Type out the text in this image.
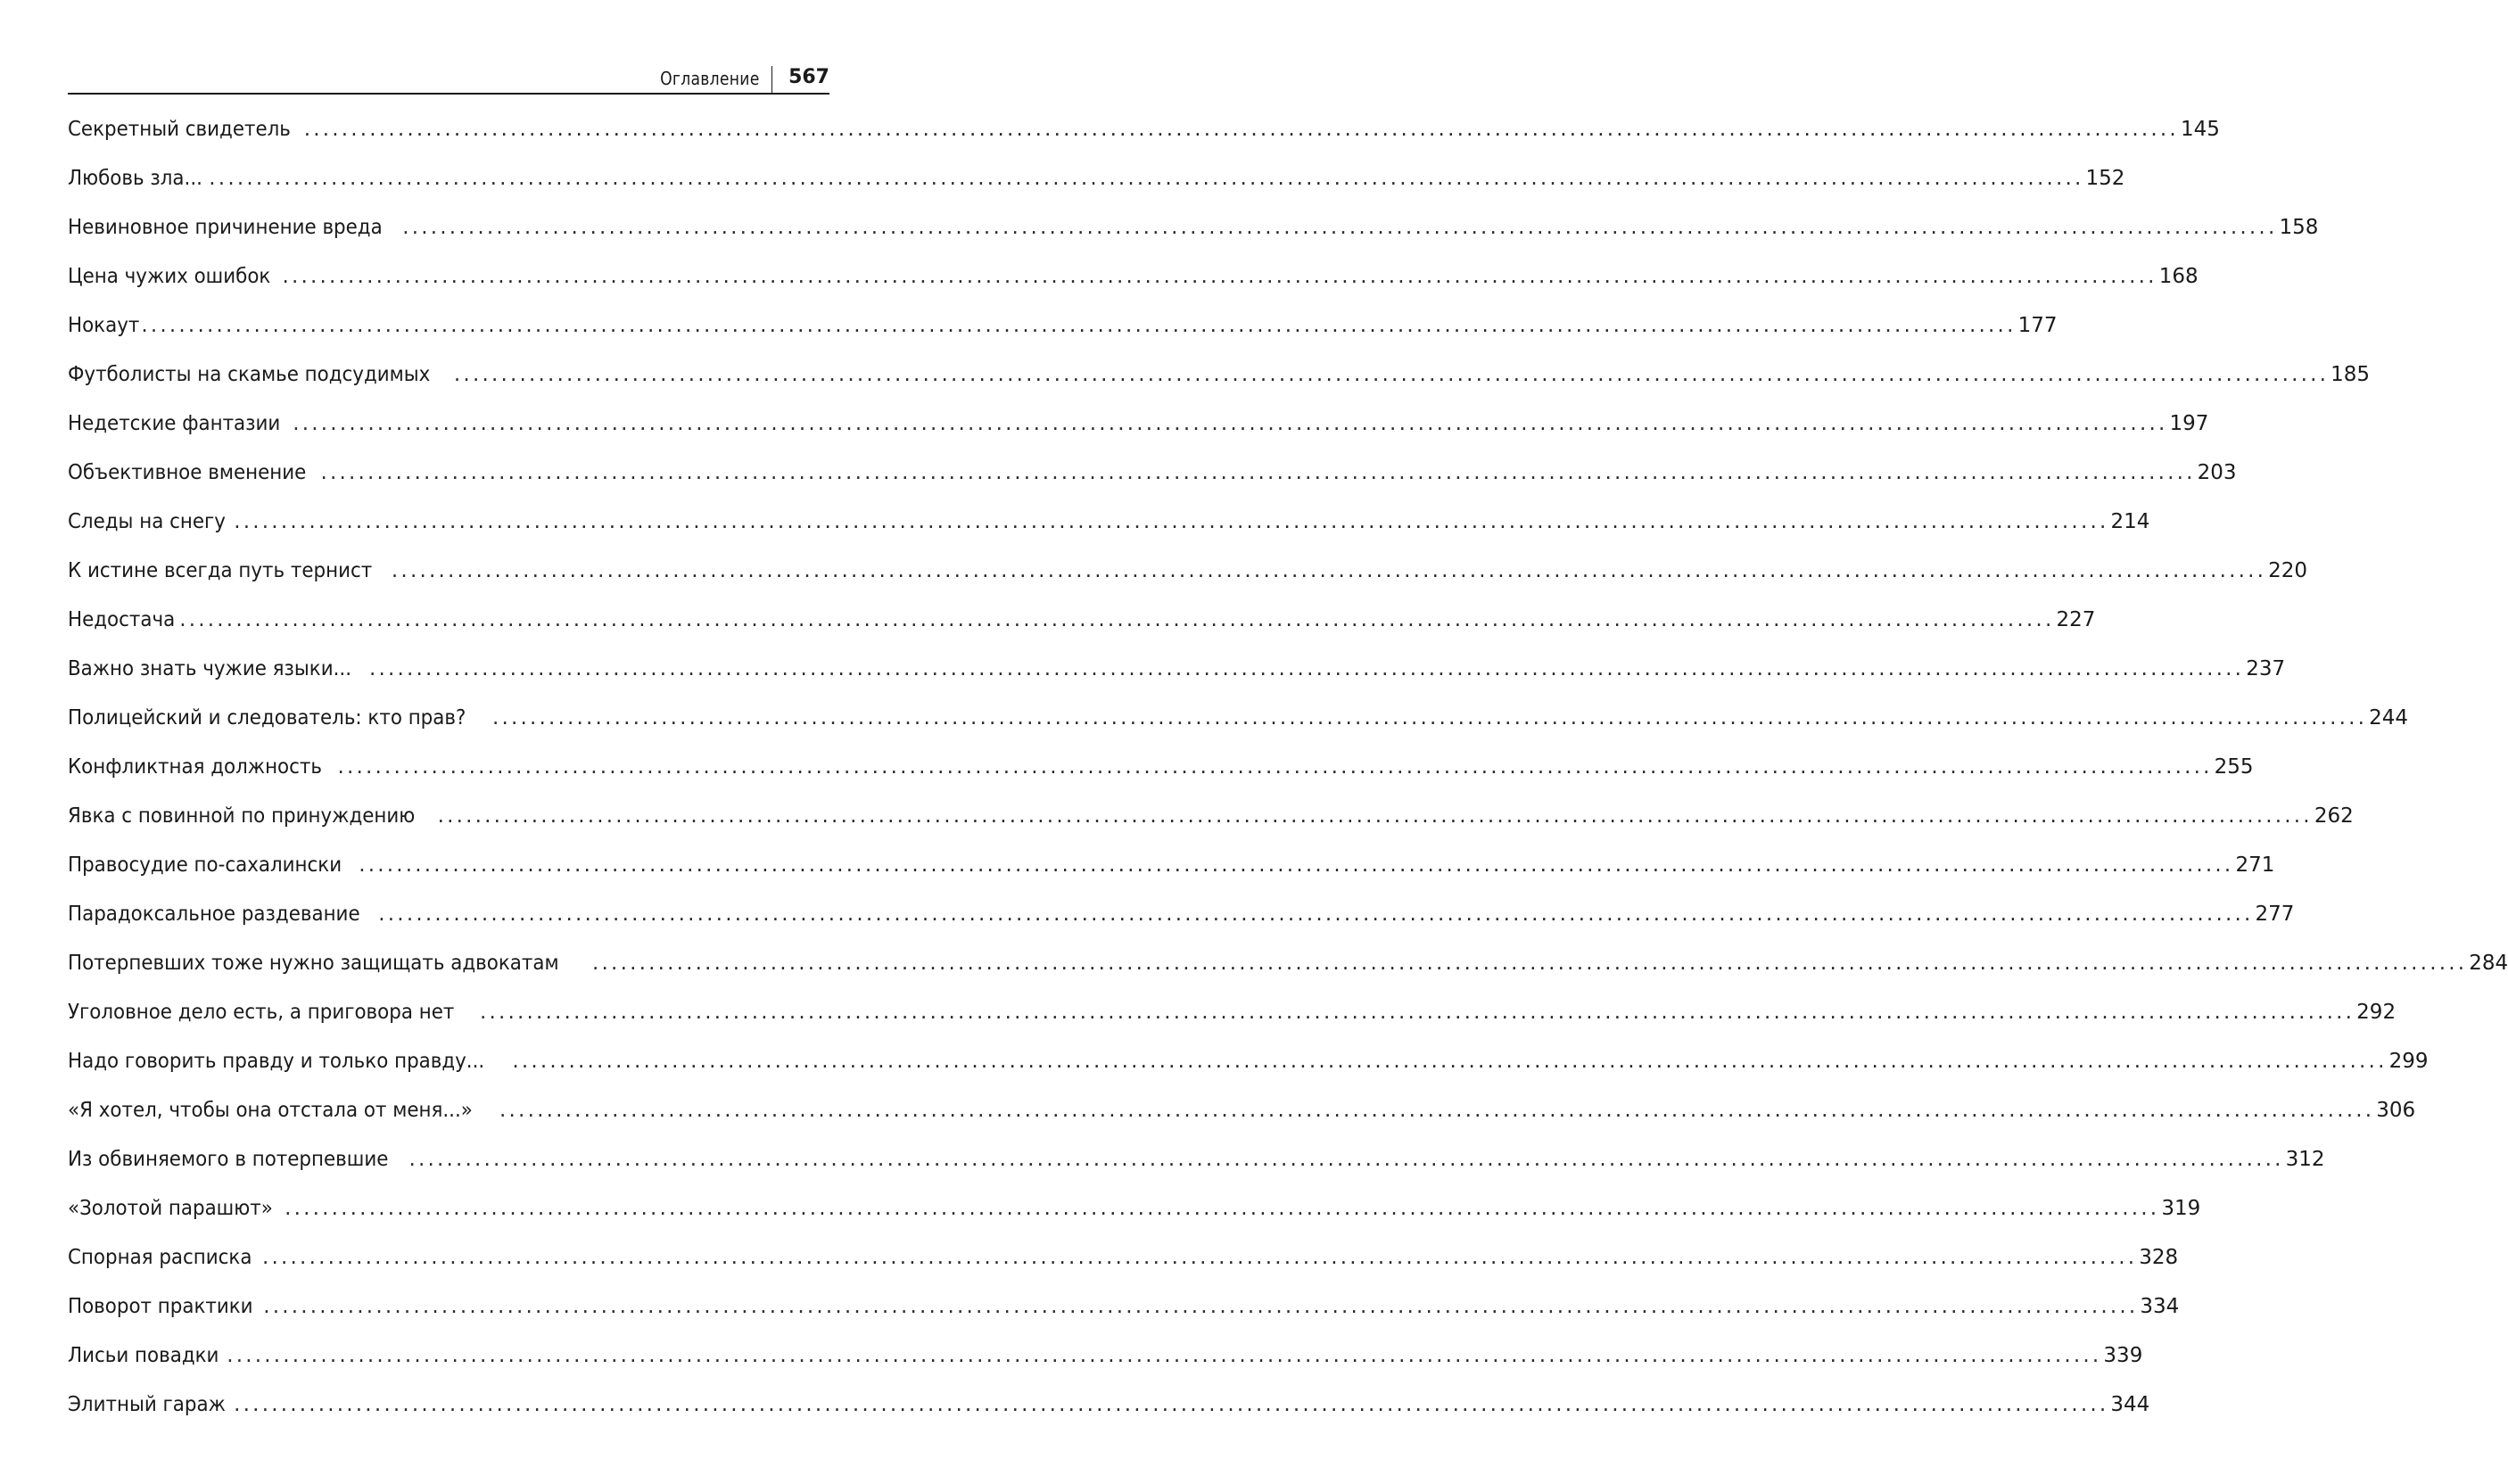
Оглавление 567
Секретный свидетель ........................................................................................................................................................................................................ 145
Любовь зла... ........................................................................................................................................................................................................ 152
Невиновное причинение вреда ........................................................................................................................................................................................................ 158
Цена чужих ошибок ........................................................................................................................................................................................................ 168
Нокаут ........................................................................................................................................................................................................ 177
Футболисты на скамье подсудимых ........................................................................................................................................................................................................ 185
Недетские фантазии ........................................................................................................................................................................................................ 197
Объективное вменение ........................................................................................................................................................................................................ 203
Следы на снегу ........................................................................................................................................................................................................ 214
К истине всегда путь тернист ........................................................................................................................................................................................................ 220
Недостача ........................................................................................................................................................................................................ 227
Важно знать чужие языки... ........................................................................................................................................................................................................ 237
Полицейский и следователь: кто прав? ........................................................................................................................................................................................................ 244
Конфликтная должность ........................................................................................................................................................................................................ 255
Явка с повинной по принуждению ........................................................................................................................................................................................................ 262
Правосудие по-сахалински ........................................................................................................................................................................................................ 271
Парадоксальное раздевание ........................................................................................................................................................................................................ 277
Потерпевших тоже нужно защищать адвокатам ........................................................................................................................................................................................................ 284
Уголовное дело есть, а приговора нет ........................................................................................................................................................................................................ 292
Надо говорить правду и только правду... ........................................................................................................................................................................................................ 299
«Я хотел, чтобы она отстала от меня...» ........................................................................................................................................................................................................ 306
Из обвиняемого в потерпевшие ........................................................................................................................................................................................................ 312
«Золотой парашют» ........................................................................................................................................................................................................ 319
Спорная расписка ........................................................................................................................................................................................................ 328
Поворот практики ........................................................................................................................................................................................................ 334
Лисьи повадки ........................................................................................................................................................................................................ 339
Элитный гараж ........................................................................................................................................................................................................ 344
